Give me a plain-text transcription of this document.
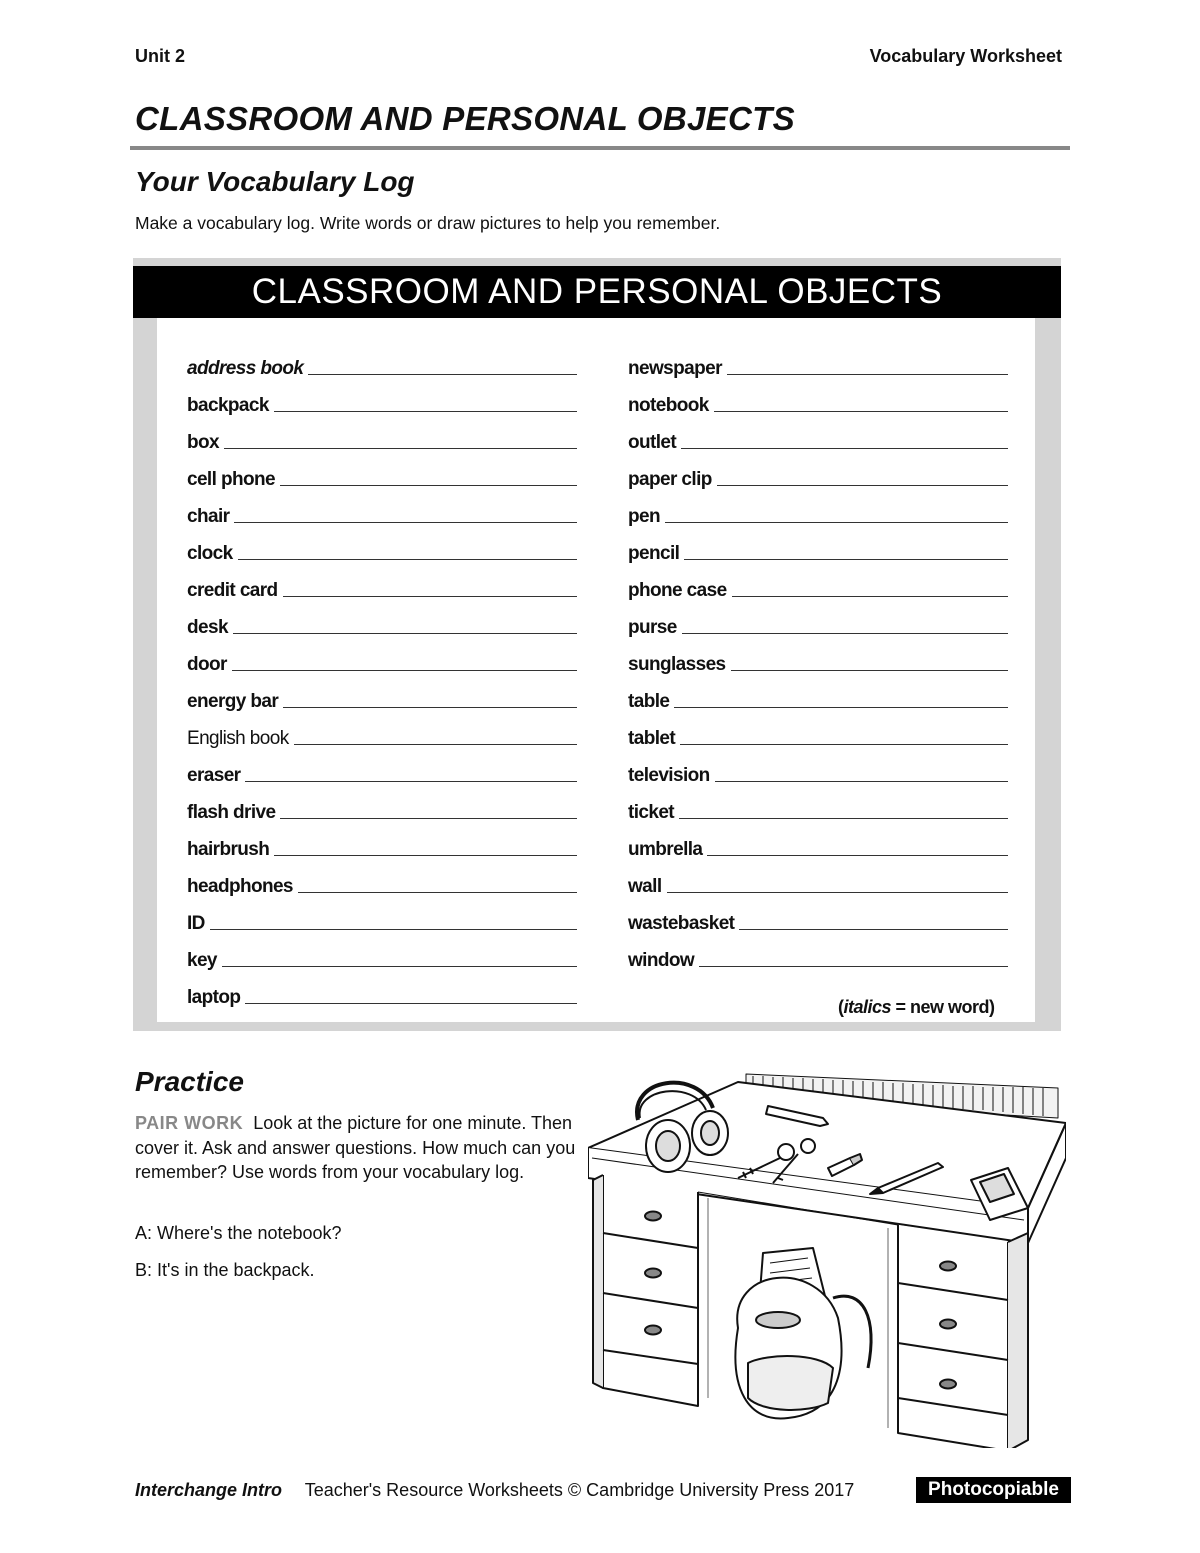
Unit 2	Vocabulary Worksheet
CLASSROOM AND PERSONAL OBJECTS
Your Vocabulary Log
Make a vocabulary log. Write words or draw pictures to help you remember.
CLASSROOM AND PERSONAL OBJECTS
address book
backpack
box
cell phone
chair
clock
credit card
desk
door
energy bar
English book
eraser
flash drive
hairbrush
headphones
ID
key
laptop
newspaper
notebook
outlet
paper clip
pen
pencil
phone case
purse
sunglasses
table
tablet
television
ticket
umbrella
wall
wastebasket
window
(italics = new word)
Practice
PAIR WORK Look at the picture for one minute. Then cover it. Ask and answer questions. How much can you remember? Use words from your vocabulary log.
A: Where's the notebook?
B: It's in the backpack.
Interchange Intro Teacher's Resource Worksheets © Cambridge University Press 2017	Photocopiable
